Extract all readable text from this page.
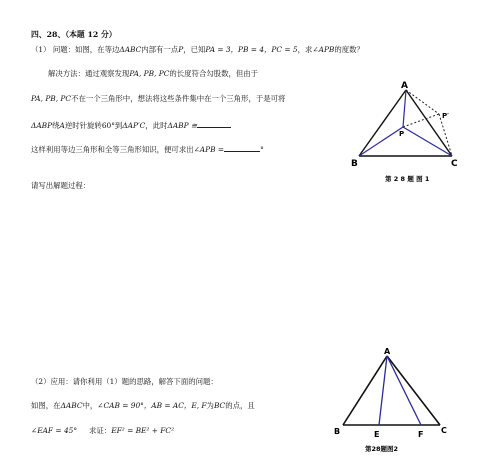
四、28、（本题 12 分）
（1） 问题：如图，在等边ΔABC内部有一点P，已知PA = 3，PB = 4，PC = 5，求∠APB的度数？
解决方法：通过观察发现PA, PB, PC的长度符合勾股数，但由于
PA, PB, PC不在一个三角形中，想法将这些条件集中在一个三角形，于是可将
ΔABP绕A逆时针旋转60°到ΔAP′C，此时ΔABP ≅
这样利用等边三角形和全等三角形知识，便可求出∠APB =	°
请写出解题过程：
A
B	C
P
P′
第 2 8 题 图 1
A
B	C
E	F
第28题图2
（2）应用：请你利用（1）题的思路，解答下面的问题：
如图，在ΔABC中，∠CAB = 90°，AB = AC，E, F为BC的点，且
∠EAF = 45° 求证：EF² = BE² + FC²
